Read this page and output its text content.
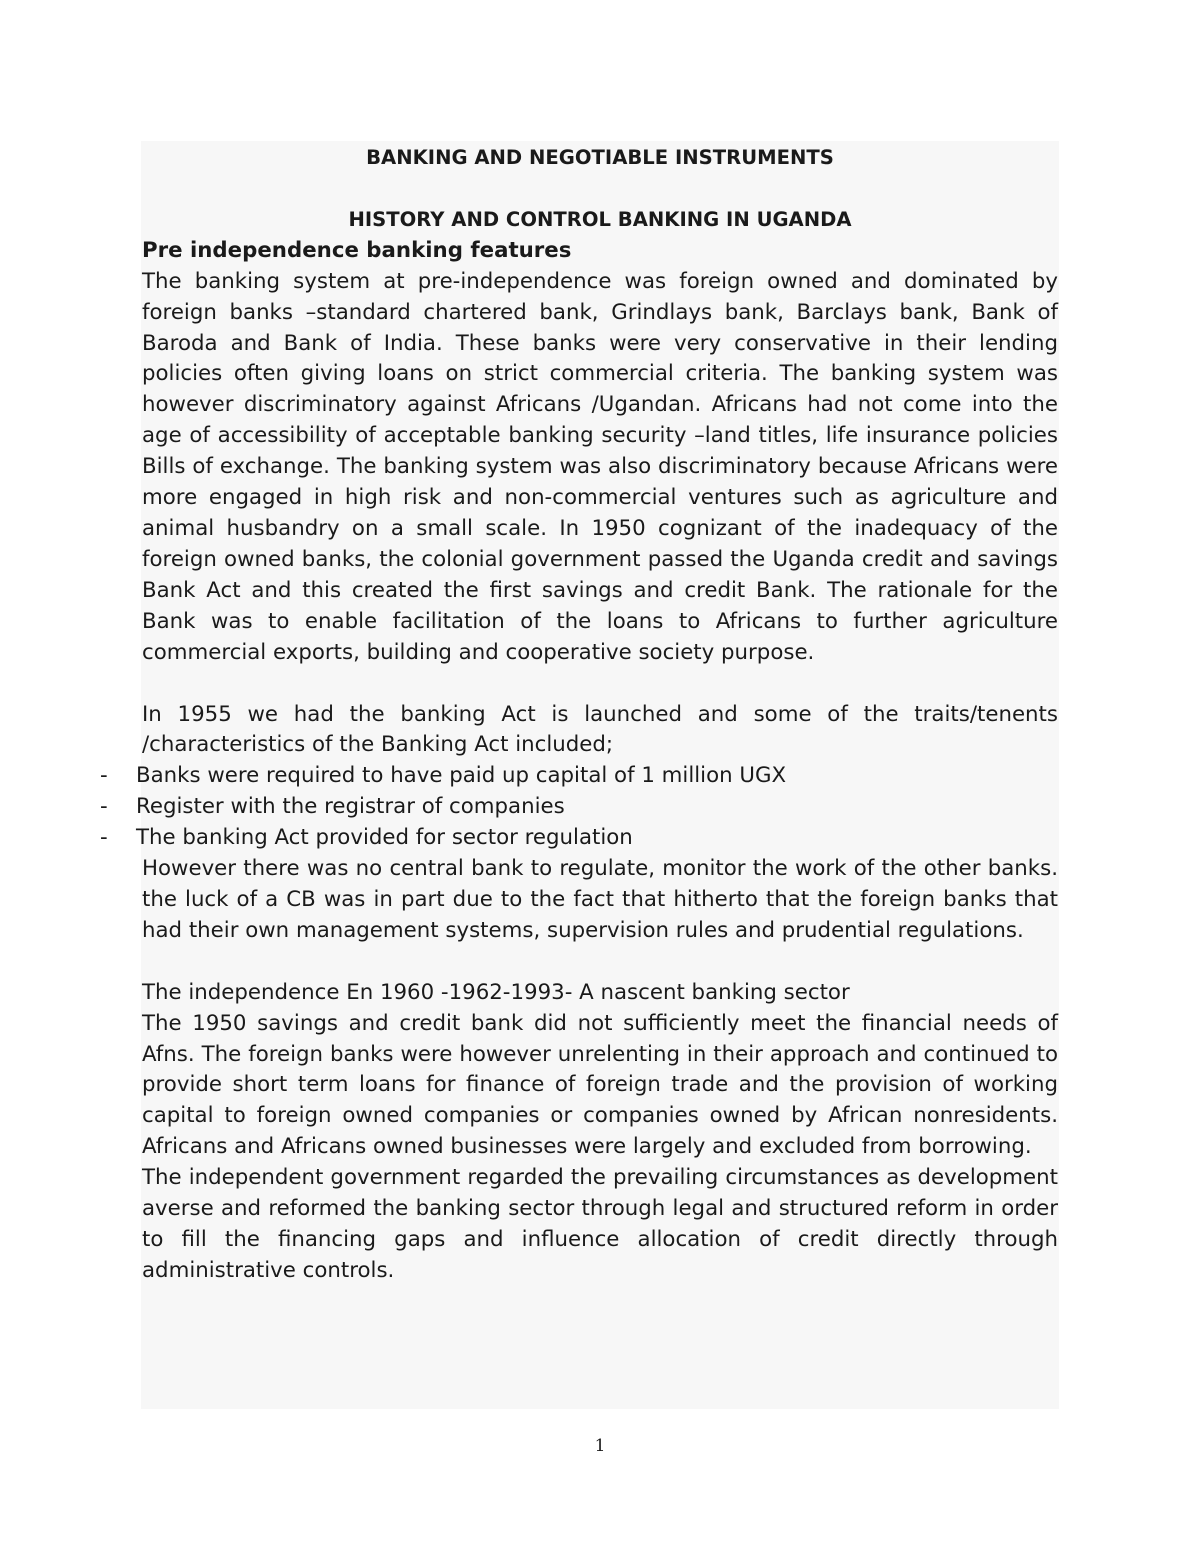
BANKING AND NEGOTIABLE INSTRUMENTS
HISTORY AND CONTROL BANKING IN UGANDA
Pre independence banking features

The banking system at pre-independence was foreign owned and dominated by foreign banks –standard chartered bank, Grindlays bank, Barclays bank, Bank of Baroda and Bank of India. These banks were very conservative in their lending policies often giving loans on strict commercial criteria. The banking system was however discriminatory against Africans /Ugandan. Africans had not come into the age of accessibility of acceptable banking security –land titles, life insurance policies Bills of exchange. The banking system was also discriminatory because Africans were more engaged in high risk and non-commercial ventures such as agriculture and animal husbandry on a small scale. In 1950 cognizant of the inadequacy of the foreign owned banks, the colonial government passed the Uganda credit and savings Bank Act and this created the first savings and credit Bank. The rationale for the Bank was to enable facilitation of the loans to Africans to further agriculture commercial exports, building and cooperative society purpose.

In 1955 we had the banking Act is launched and some of the traits/tenents /characteristics of the Banking Act included;

- Banks were required to have paid up capital of 1 million UGX
- Register with the registrar of companies
- The banking Act provided for sector regulation

However there was no central bank to regulate, monitor the work of the other banks. the luck of a CB was in part due to the fact that hitherto that the foreign banks that had their own management systems, supervision rules and prudential regulations.

The independence En 1960 -1962-1993- A nascent banking sector

The 1950 savings and credit bank did not sufficiently meet the financial needs of Afns. The foreign banks were however unrelenting in their approach and continued to provide short term loans for finance of foreign trade and the provision of working capital to foreign owned companies or companies owned by African nonresidents. Africans and Africans owned businesses were largely and excluded from borrowing.

The independent government regarded the prevailing circumstances as development averse and reformed the banking sector through legal and structured reform in order to fill the financing gaps and influence allocation of credit directly through administrative controls.

1
